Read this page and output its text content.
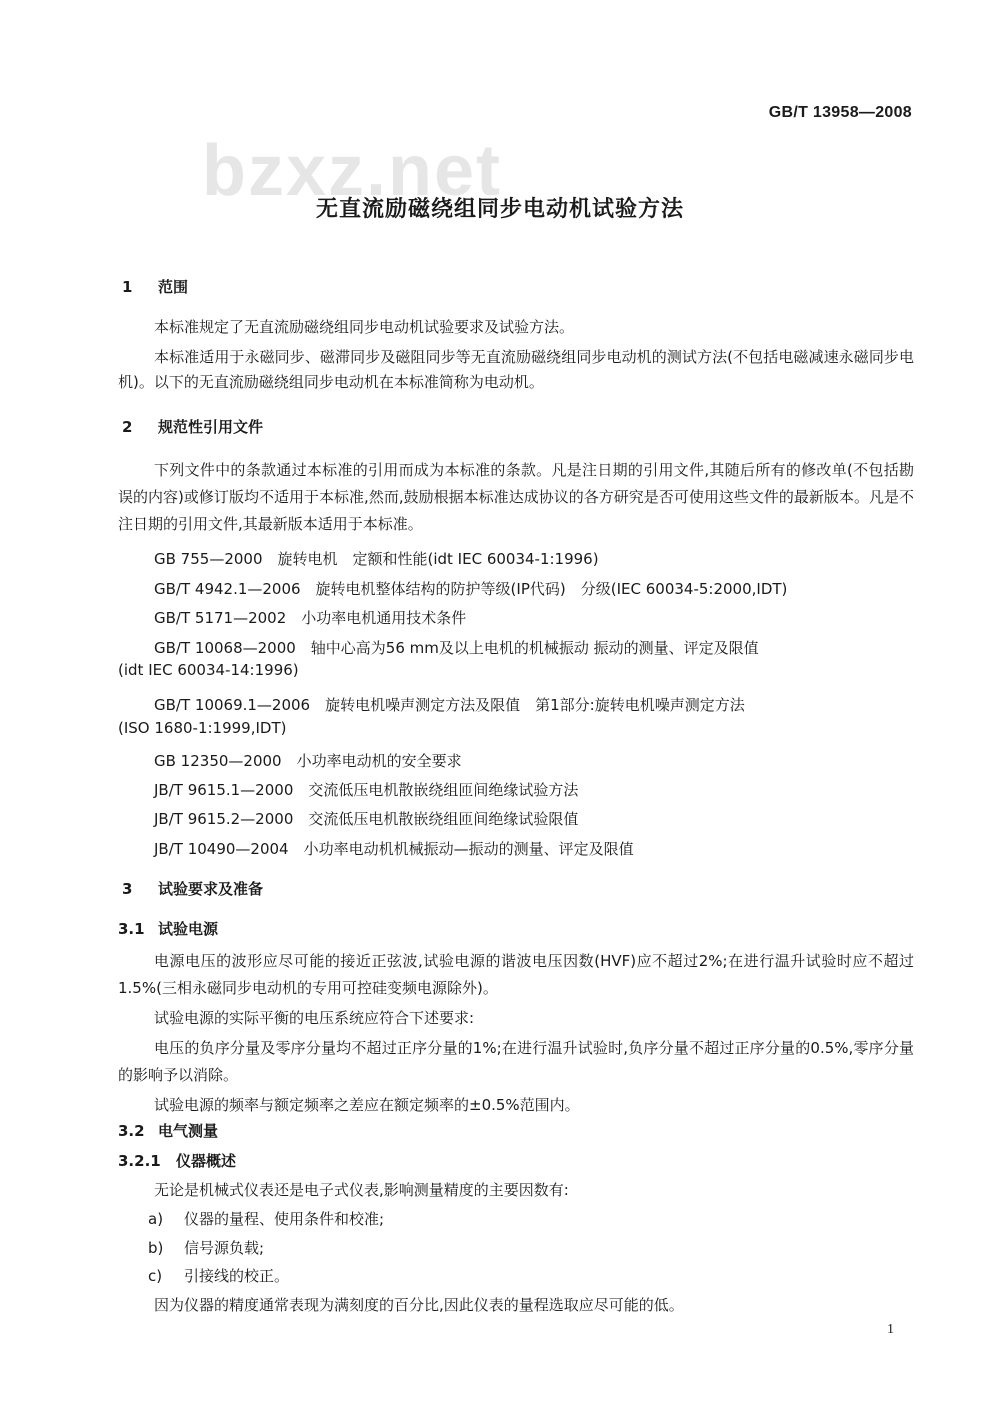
bzxz.net
GB/T 13958—2008
无直流励磁绕组同步电动机试验方法
1 范围
本标准规定了无直流励磁绕组同步电动机试验要求及试验方法。
本标准适用于永磁同步、磁滞同步及磁阻同步等无直流励磁绕组同步电动机的测试方法(不包括电磁减速永磁同步电机)。以下的无直流励磁绕组同步电动机在本标准简称为电动机。
2 规范性引用文件
下列文件中的条款通过本标准的引用而成为本标准的条款。凡是注日期的引用文件,其随后所有的修改单(不包括勘误的内容)或修订版均不适用于本标准,然而,鼓励根据本标准达成协议的各方研究是否可使用这些文件的最新版本。凡是不注日期的引用文件,其最新版本适用于本标准。
GB 755—2000　旋转电机　定额和性能(idt IEC 60034-1:1996)
GB/T 4942.1—2006　旋转电机整体结构的防护等级(IP代码)　分级(IEC 60034-5:2000,IDT)
GB/T 5171—2002　小功率电机通用技术条件
GB/T 10068—2000　轴中心高为56 mm及以上电机的机械振动 振动的测量、评定及限值
(idt IEC 60034-14:1996)
GB/T 10069.1—2006　旋转电机噪声测定方法及限值　第1部分:旋转电机噪声测定方法
(ISO 1680-1:1999,IDT)
GB 12350—2000　小功率电动机的安全要求
JB/T 9615.1—2000　交流低压电机散嵌绕组匝间绝缘试验方法
JB/T 9615.2—2000　交流低压电机散嵌绕组匝间绝缘试验限值
JB/T 10490—2004　小功率电动机机械振动—振动的测量、评定及限值
3 试验要求及准备
3.1 试验电源
电源电压的波形应尽可能的接近正弦波,试验电源的谐波电压因数(HVF)应不超过2%;在进行温升试验时应不超过1.5%(三相永磁同步电动机的专用可控硅变频电源除外)。
试验电源的实际平衡的电压系统应符合下述要求:
电压的负序分量及零序分量均不超过正序分量的1%;在进行温升试验时,负序分量不超过正序分量的0.5%,零序分量的影响予以消除。
试验电源的频率与额定频率之差应在额定频率的±0.5%范围内。
3.2 电气测量
3.2.1 仪器概述
无论是机械式仪表还是电子式仪表,影响测量精度的主要因数有:
a) 仪器的量程、使用条件和校准;
b) 信号源负载;
c) 引接线的校正。
因为仪器的精度通常表现为满刻度的百分比,因此仪表的量程选取应尽可能的低。
1
